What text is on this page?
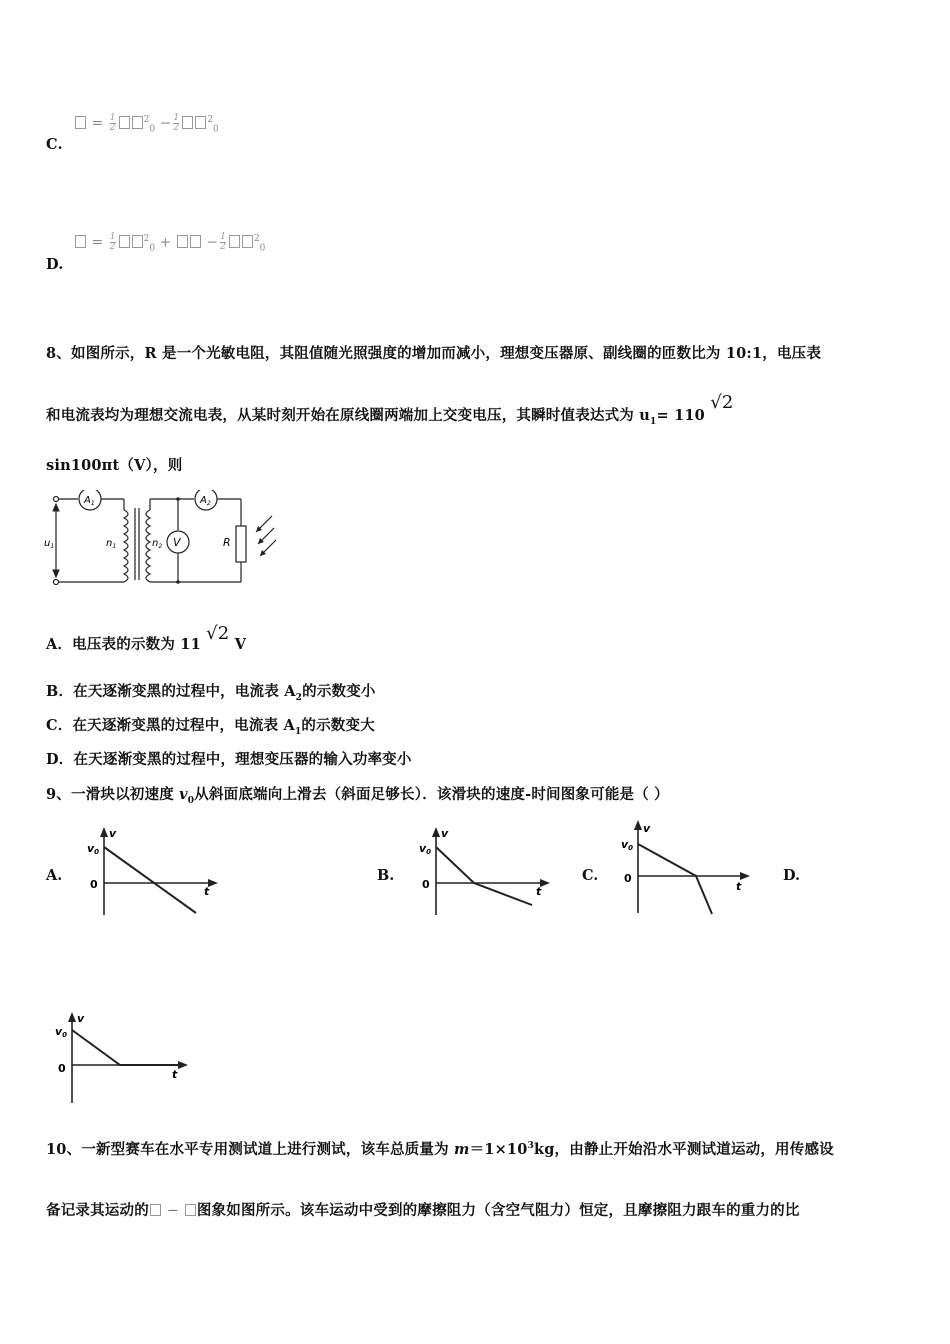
= $\frac{1}{2}$	$^2_0 - \frac{1}{2}$	$^2_0$
C.
= $\frac{1}{2}$	$^2_0$ +  − $\frac{1}{2}$	$^2_0$
D.
8、如图所示，R 是一个光敏电阻，其阻值随光照强度的增加而减小，理想变压器原、副线圈的匝数比为 10:1，电压表
和电流表均为理想交流电表，从某时刻开始在原线圈两端加上交变电压，其瞬时值表达式为 $u_1= 110$ √2
sin100πt（V），则
$A_1$	$A_2$
V
$u_1$	$n_1$	$n_2$	R
A．电压表的示数为 11 √2 V
B．在天逐渐变黑的过程中，电流表 $A_2$的示数变小
C．在天逐渐变黑的过程中，电流表 $A_1$的示数变大
D．在天逐渐变黑的过程中，理想变压器的输入功率变小
9、一滑块以初速度 $v_0$从斜面底端向上滑去（斜面足够长）．该滑块的速度-时间图象可能是（ ）
A.	B.	C.	D.
v
v0
0
t
v
v0
0
t
v
v0
0
t
v
v0
0	t
10、一新型赛车在水平专用测试道上进行测试，该车总质量为 $m=1\times 10^3kg$，由静止开始沿水平测试道运动，用传感设
备记录其运动的 − 图象如图所示。该车运动中受到的摩擦阻力（含空气阻力）恒定，且摩擦阻力跟车的重力的比
